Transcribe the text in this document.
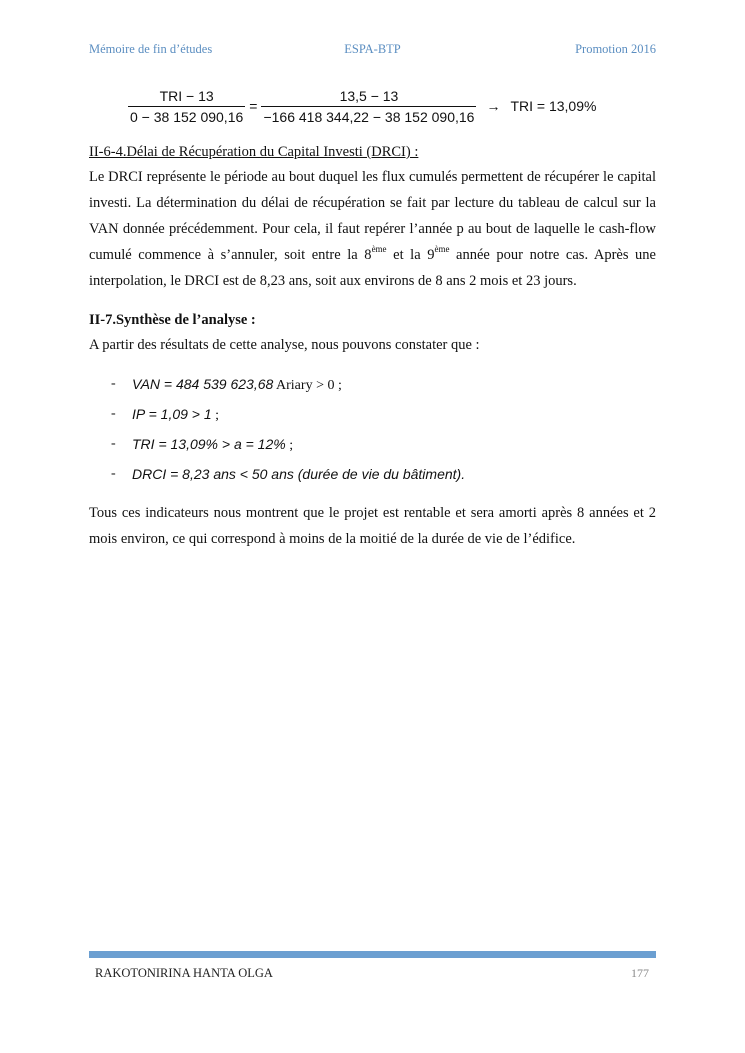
Mémoire de fin d’études	ESPA-BTP	Promotion 2016
$\frac{\text{TRI − 13}}{0 - 38 152 090,16} = \frac{13,5 - 13}{-166 418 344,22 - 38 152 090,16}$ → TRI = 13,09%
II-6-4.Délai de Récupération du Capital Investi (DRCI) :

Le DRCI représente le période au bout duquel les flux cumulés permettent de récupérer le capital investi. La détermination du délai de récupération se fait par lecture du tableau de calcul sur la VAN donnée précédemment. Pour cela, il faut repérer l’année p au bout de laquelle le cash-flow cumulé commence à s’annuler, soit entre la 8ème et la 9ème année pour notre cas. Après une interpolation, le DRCI est de 8,23 ans, soit aux environs de 8 ans 2 mois et 23 jours.

II-7.Synthèse de l’analyse :

A partir des résultats de cette analyse, nous pouvons constater que :

- VAN = 484 539 623,68 Ariary > 0 ;
- IP = 1,09 > 1 ;
- TRI = 13,09% > a = 12% ;
- DRCI = 8,23 ans < 50 ans (durée de vie du bâtiment).

Tous ces indicateurs nous montrent que le projet est rentable et sera amorti après 8 années et 2 mois environ, ce qui correspond à moins de la moitié de la durée de vie de l’édifice.

RAKOTONIRINA HANTA OLGA	177
